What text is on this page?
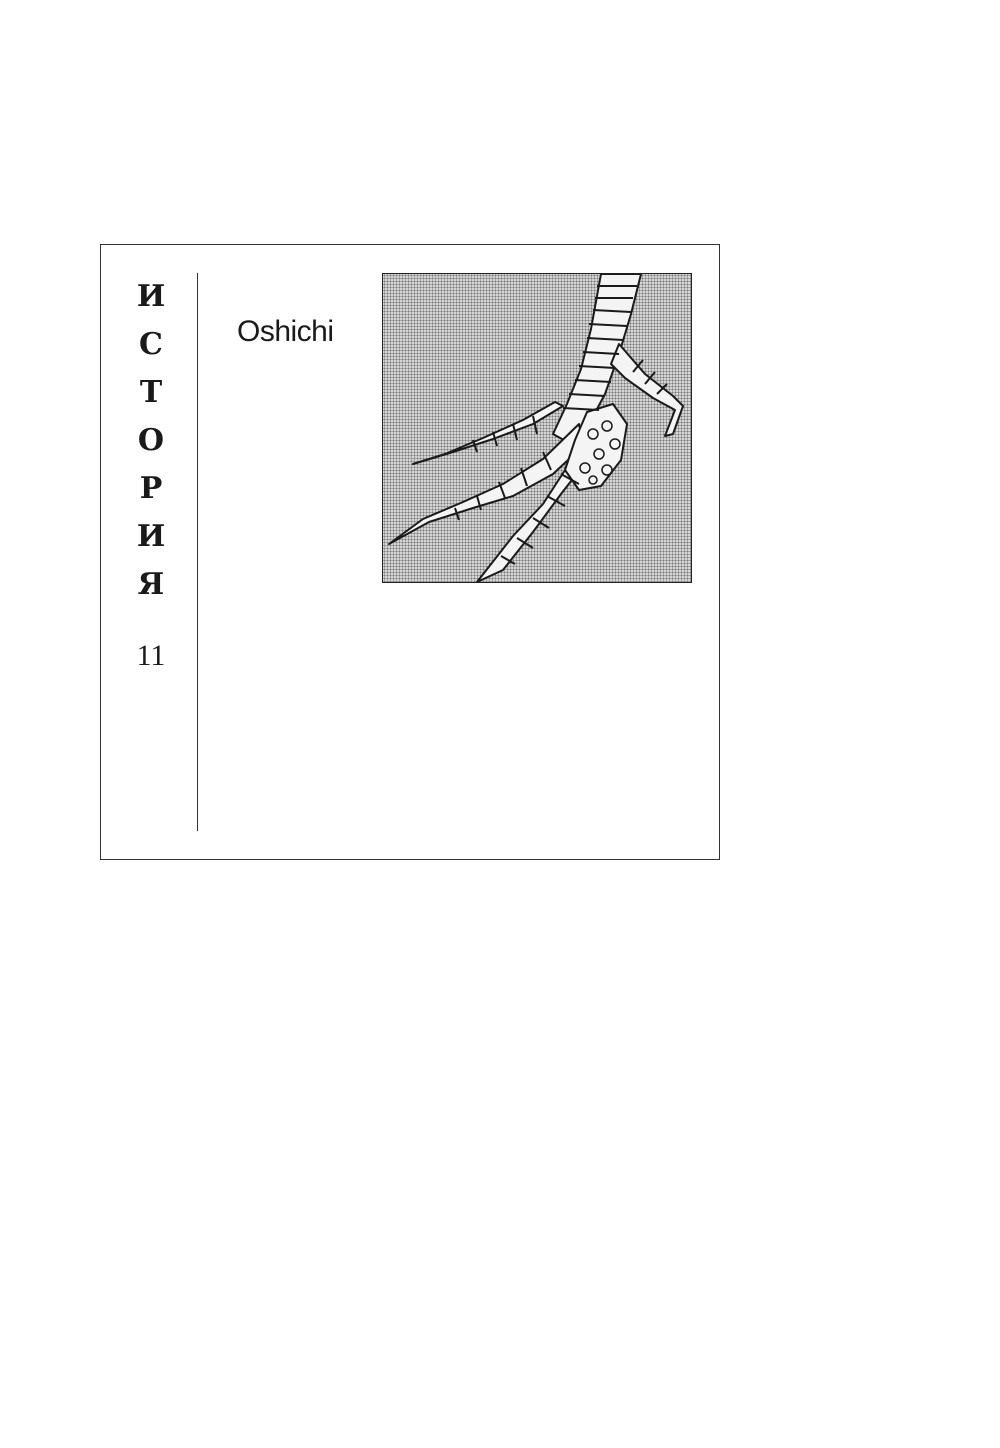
И
С
Т
О
Р
И
Я
11
Oshichi
